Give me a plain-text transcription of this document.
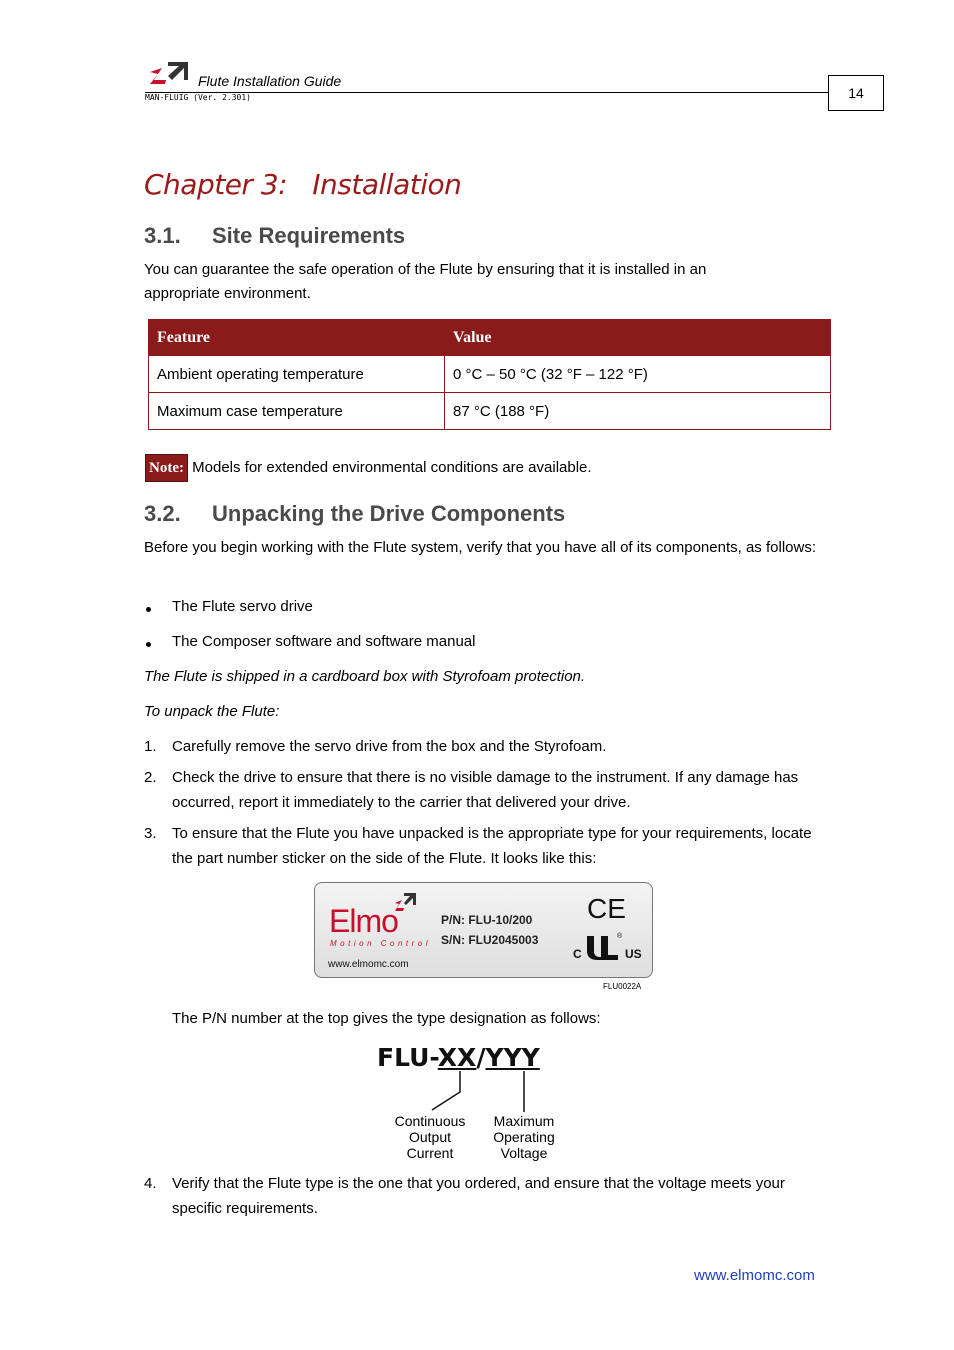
Flute Installation Guide
MAN-FLUIG (Ver. 2.301)	14
Chapter 3:   Installation
3.1. Site Requirements
You can guarantee the safe operation of the Flute by ensuring that it is installed in an appropriate environment.
Feature	Value
Ambient operating temperature	0 °C – 50 °C (32 °F – 122 °F)
Maximum case temperature	87 °C (188 °F)
Note: Models for extended environmental conditions are available.
3.2. Unpacking the Drive Components
Before you begin working with the Flute system, verify that you have all of its components, as follows:
The Flute servo drive
The Composer software and software manual
The Flute is shipped in a cardboard box with Styrofoam protection.
To unpack the Flute:
1. Carefully remove the servo drive from the box and the Styrofoam.
2. Check the drive to ensure that there is no visible damage to the instrument. If any damage has occurred, report it immediately to the carrier that delivered your drive.
3. To ensure that the Flute you have unpacked is the appropriate type for your requirements, locate the part number sticker on the side of the Flute. It looks like this:
Elmo
Motion Control
www.elmomc.com
P/N: FLU-10/200
S/N: FLU2045003
CE
C
®
US
FLU0022A
The P/N number at the top gives the type designation as follows:
FLU-XX/YYY
Continuous
Output
Current
Maximum
Operating
Voltage
4. Verify that the Flute type is the one that you ordered, and ensure that the voltage meets your specific requirements.
www.elmomc.com
